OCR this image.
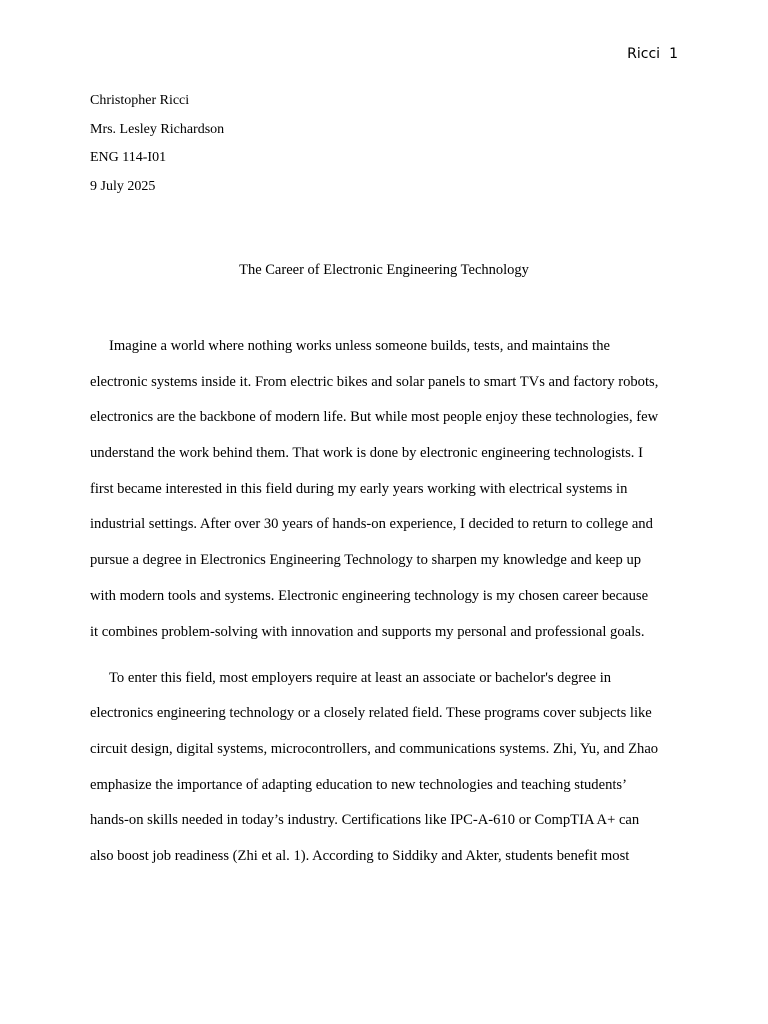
Ricci 1
Christopher Ricci
Mrs. Lesley Richardson
ENG 114-I01
9 July 2025
The Career of Electronic Engineering Technology
Imagine a world where nothing works unless someone builds, tests, and maintains the
electronic systems inside it. From electric bikes and solar panels to smart TVs and factory robots,
electronics are the backbone of modern life. But while most people enjoy these technologies, few
understand the work behind them. That work is done by electronic engineering technologists. I
first became interested in this field during my early years working with electrical systems in
industrial settings. After over 30 years of hands-on experience, I decided to return to college and
pursue a degree in Electronics Engineering Technology to sharpen my knowledge and keep up
with modern tools and systems. Electronic engineering technology is my chosen career because
it combines problem-solving with innovation and supports my personal and professional goals.
To enter this field, most employers require at least an associate or bachelor's degree in
electronics engineering technology or a closely related field. These programs cover subjects like
circuit design, digital systems, microcontrollers, and communications systems. Zhi, Yu, and Zhao
emphasize the importance of adapting education to new technologies and teaching students’
hands-on skills needed in today’s industry. Certifications like IPC-A-610 or CompTIA A+ can
also boost job readiness (Zhi et al. 1). According to Siddiky and Akter, students benefit most
